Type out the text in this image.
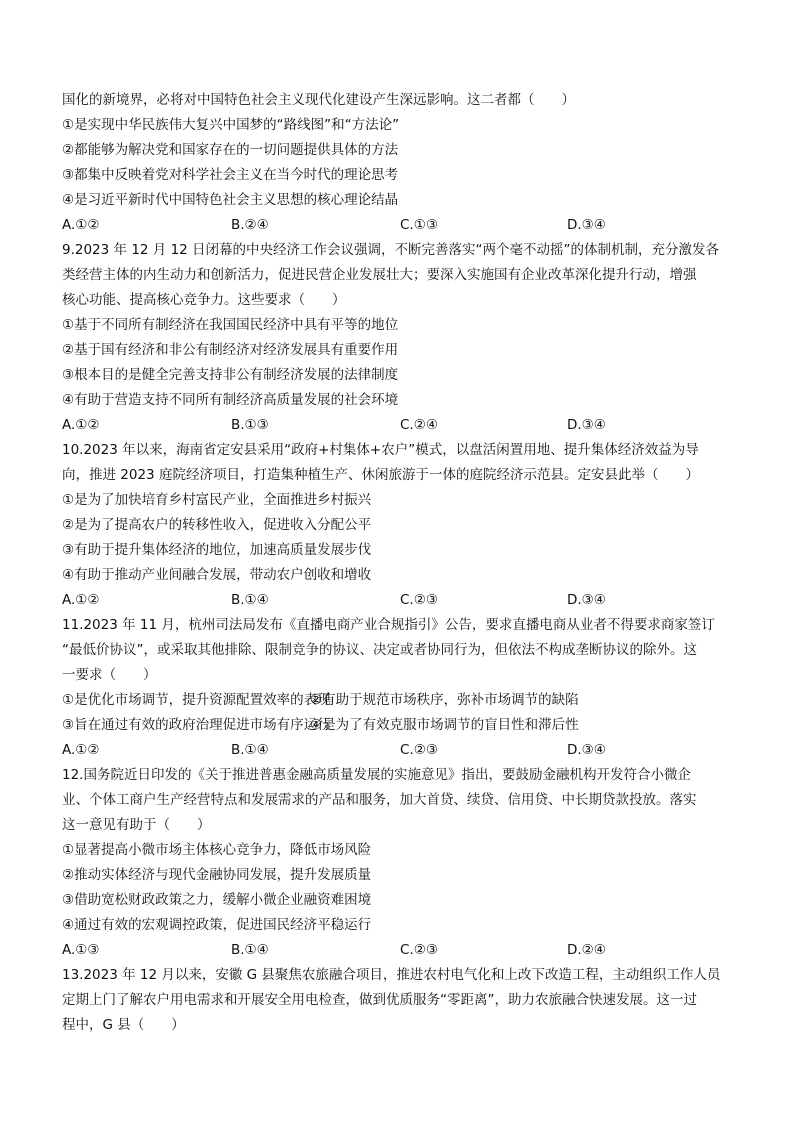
国化的新境界，必将对中国特色社会主义现代化建设产生深远影响。这二者都（　　）
①是实现中华民族伟大复兴中国梦的“路线图”和“方法论”
②都能够为解决党和国家存在的一切问题提供具体的方法
③都集中反映着党对科学社会主义在当今时代的理论思考
④是习近平新时代中国特色社会主义思想的核心理论结晶
A.①②	B.②④	C.①③	D.③④
9.2023 年 12 月 12 日闭幕的中央经济工作会议强调，不断完善落实“两个毫不动摇”的体制机制，充分激发各
类经营主体的内生动力和创新活力，促进民营企业发展壮大；要深入实施国有企业改革深化提升行动，增强
核心功能、提高核心竞争力。这些要求（　　）
①基于不同所有制经济在我国国民经济中具有平等的地位
②基于国有经济和非公有制经济对经济发展具有重要作用
③根本目的是健全完善支持非公有制经济发展的法律制度
④有助于营造支持不同所有制经济高质量发展的社会环境
A.①②	B.①③	C.②④	D.③④
10.2023 年以来，海南省定安县采用“政府+村集体+农户”模式，以盘活闲置用地、提升集体经济效益为导
向，推进 2023 庭院经济项目，打造集种植生产、休闲旅游于一体的庭院经济示范县。定安县此举（　　）
①是为了加快培育乡村富民产业，全面推进乡村振兴
②是为了提高农户的转移性收入，促进收入分配公平
③有助于提升集体经济的地位，加速高质量发展步伐
④有助于推动产业间融合发展，带动农户创收和增收
A.①②	B.①④	C.②③	D.③④
11.2023 年 11 月，杭州司法局发布《直播电商产业合规指引》公告，要求直播电商从业者不得要求商家签订
“最低价协议”，或采取其他排除、限制竞争的协议、决定或者协同行为，但依法不构成垄断协议的除外。这
一要求（　　）
①是优化市场调节，提升资源配置效率的表现
②有助于规范市场秩序，弥补市场调节的缺陷
③旨在通过有效的政府治理促进市场有序运行
④是为了有效克服市场调节的盲目性和滞后性
A.①②	B.①④	C.②③	D.③④
12.国务院近日印发的《关于推进普惠金融高质量发展的实施意见》指出，要鼓励金融机构开发符合小微企
业、个体工商户生产经营特点和发展需求的产品和服务，加大首贷、续贷、信用贷、中长期贷款投放。落实
这一意见有助于（　　）
①显著提高小微市场主体核心竞争力，降低市场风险
②推动实体经济与现代金融协同发展，提升发展质量
③借助宽松财政政策之力，缓解小微企业融资难困境
④通过有效的宏观调控政策，促进国民经济平稳运行
A.①③	B.①④	C.②③	D.②④
13.2023 年 12 月以来，安徽 G 县聚焦农旅融合项目，推进农村电气化和上改下改造工程，主动组织工作人员
定期上门了解农户用电需求和开展安全用电检查，做到优质服务“零距离”，助力农旅融合快速发展。这一过
程中，G 县（　　）
